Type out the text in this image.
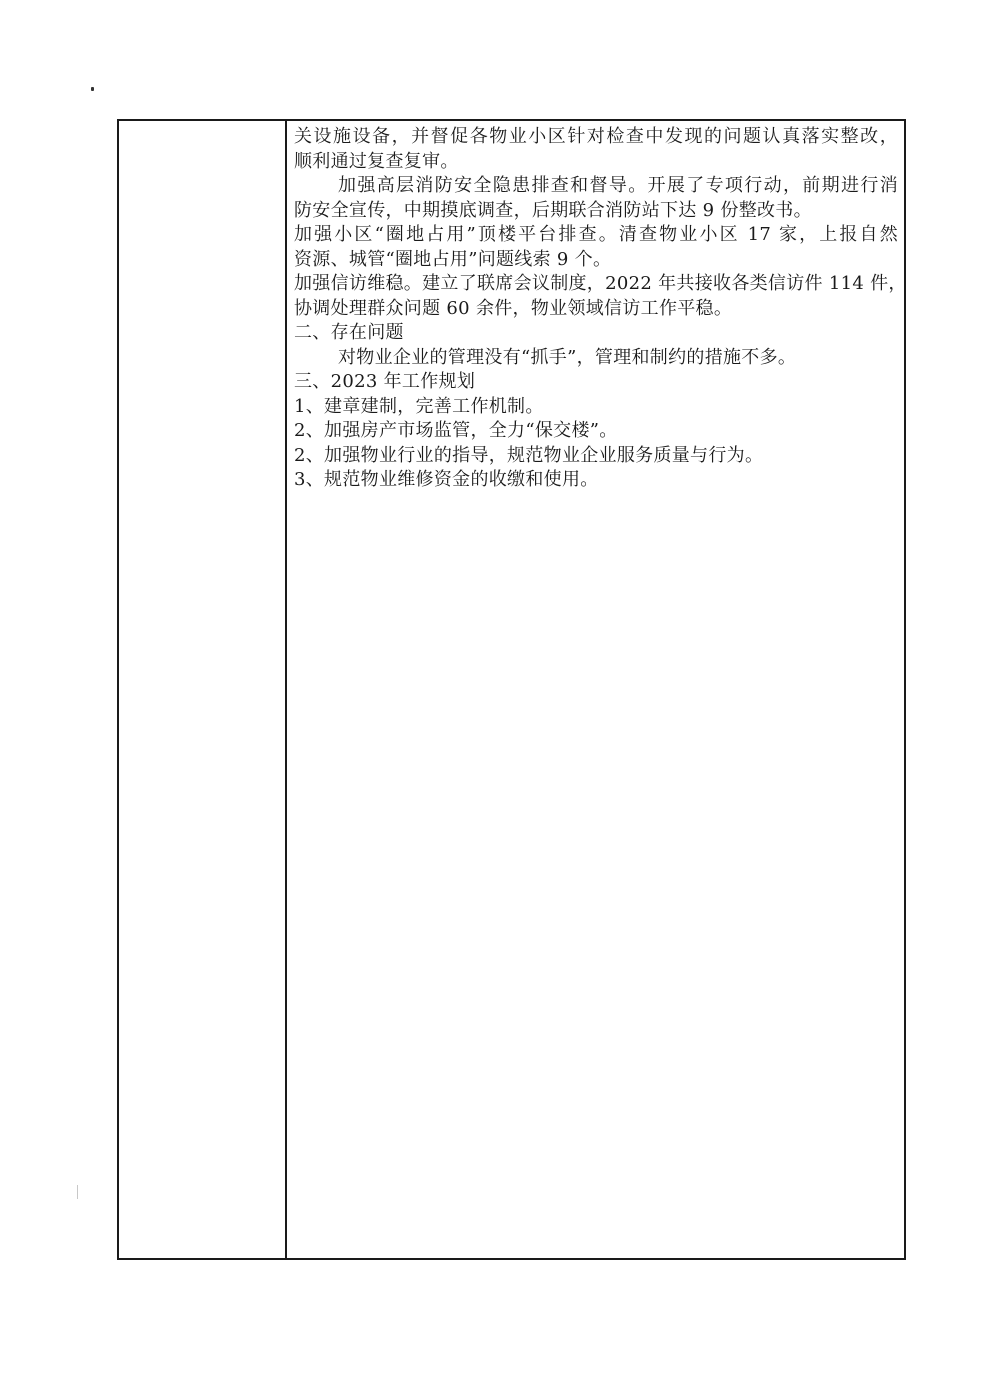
关设施设备，并督促各物业小区针对检查中发现的问题认真落实整改，
顺利通过复查复审。
加强高层消防安全隐患排查和督导。开展了专项行动，前期进行消
防安全宣传，中期摸底调查，后期联合消防站下达 9 份整改书。
加强小区“圈地占用”顶楼平台排查。清查物业小区 17 家，上报自然
资源、城管“圈地占用”问题线索 9 个。
加强信访维稳。建立了联席会议制度，2022 年共接收各类信访件 114 件，
协调处理群众问题 60 余件，物业领域信访工作平稳。
二、存在问题
对物业企业的管理没有“抓手”，管理和制约的措施不多。
三、2023 年工作规划
1、建章建制，完善工作机制。
2、加强房产市场监管，全力“保交楼”。
2、加强物业行业的指导，规范物业企业服务质量与行为。
3、规范物业维修资金的收缴和使用。
